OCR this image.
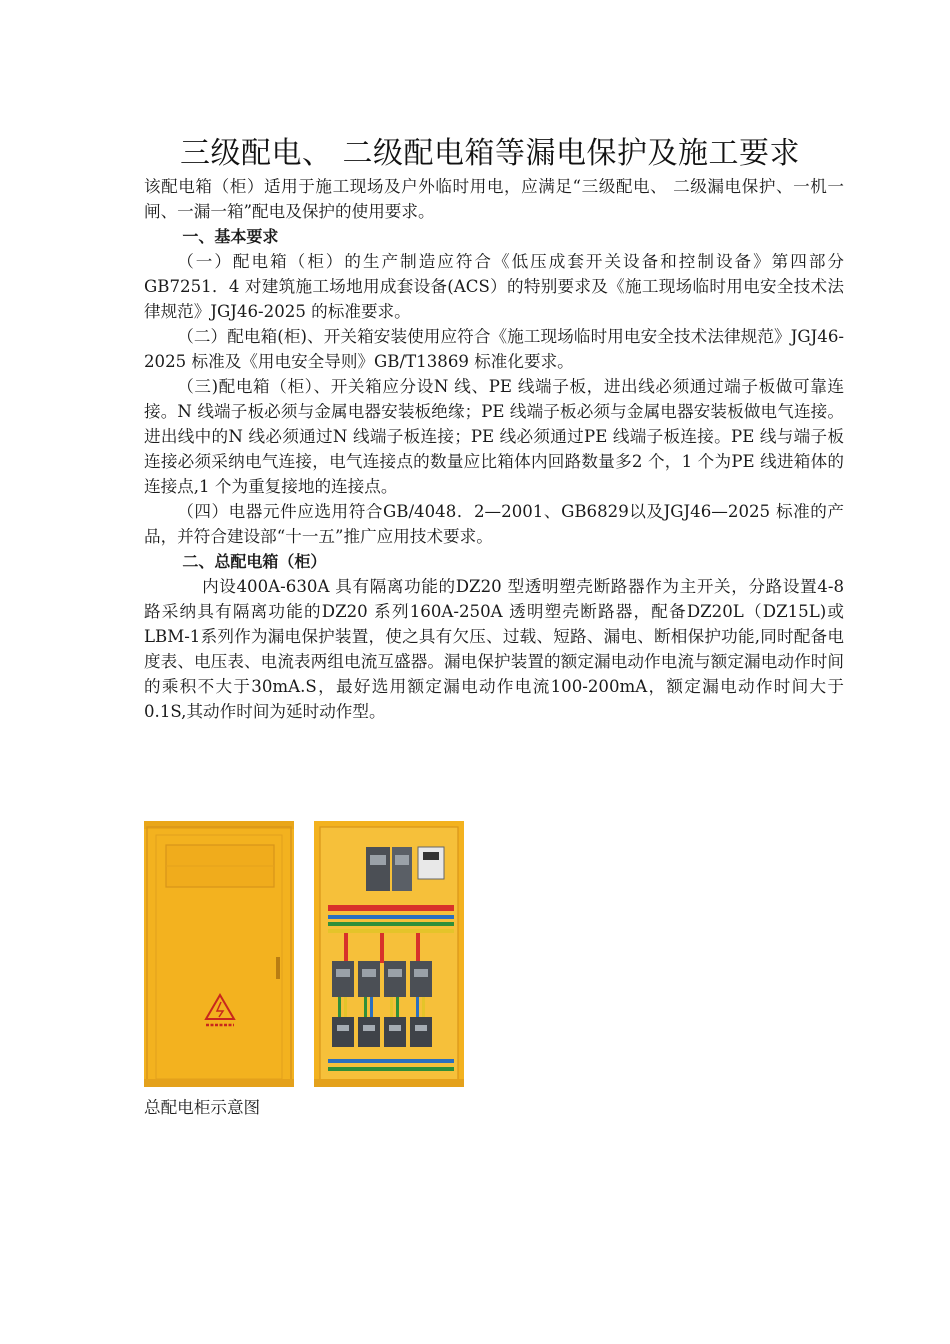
三级配电、 二级配电箱等漏电保护及施工要求

该配电箱（柜）适用于施工现场及户外临时用电，应满足“三级配电、 二级漏电保护、一机一闸、一漏一箱”配电及保护的使用要求。

一、基本要求

（一）配电箱（柜）的生产制造应符合《低压成套开关设备和控制设备》第四部分GB7251．4 对建筑施工场地用成套设备(ACS）的特别要求及《施工现场临时用电安全技术法律规范》JGJ46-2025 的标准要求。

（二）配电箱(柜)、开关箱安装使用应符合《施工现场临时用电安全技术法律规范》JGJ46-2025 标准及《用电安全导则》GB/T13869 标准化要求。

（三)配电箱（柜）、开关箱应分设N 线、PE 线端子板，进出线必须通过端子板做可靠连接。N 线端子板必须与金属电器安装板绝缘；PE 线端子板必须与金属电器安装板做电气连接。进出线中的N 线必须通过N 线端子板连接；PE 线必须通过PE 线端子板连接。PE 线与端子板连接必须采纳电气连接，电气连接点的数量应比箱体内回路数量多2 个，1 个为PE 线进箱体的连接点,1 个为重复接地的连接点。

（四）电器元件应选用符合GB/4048．2—2001、GB6829以及JGJ46—2025 标准的产品，并符合建设部“十一五”推广应用技术要求。

二、总配电箱（柜）

内设400A-630A 具有隔离功能的DZ20 型透明塑壳断路器作为主开关，分路设置4-8 路采纳具有隔离功能的DZ20 系列160A-250A 透明塑壳断路器，配备DZ20L（DZ15L)或LBM-1系列作为漏电保护装置，使之具有欠压、过载、短路、漏电、断相保护功能,同时配备电度表、电压表、电流表两组电流互盛器。漏电保护装置的额定漏电动作电流与额定漏电动作时间的乘积不大于30mA.S，最好选用额定漏电动作电流100-200mA，额定漏电动作时间大于0.1S,其动作时间为延时动作型。

总配电柜示意图
